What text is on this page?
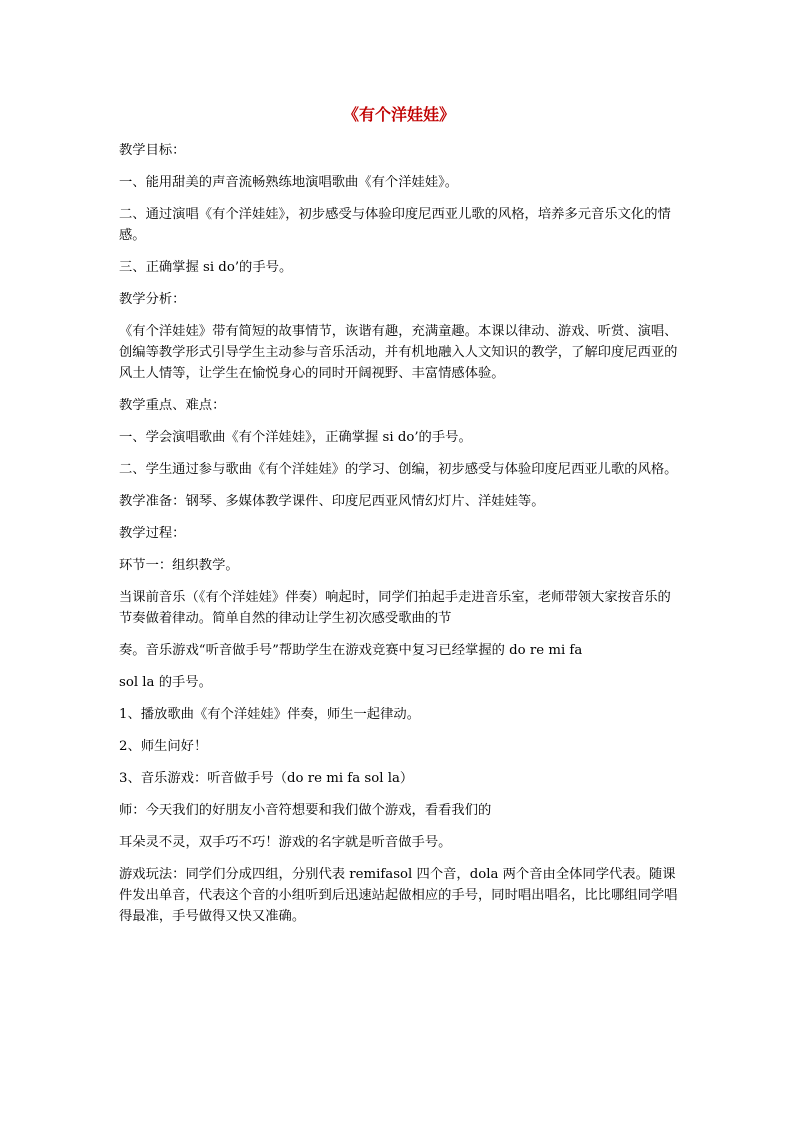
《有个洋娃娃》
教学目标：
一、能用甜美的声音流畅熟练地演唱歌曲《有个洋娃娃》。
二、通过演唱《有个洋娃娃》，初步感受与体验印度尼西亚儿歌的风格，培养多元音乐文化的情感。
三、正确掌握 si do’的手号。
教学分析：
《有个洋娃娃》带有简短的故事情节，诙谐有趣，充满童趣。本课以律动、游戏、听赏、演唱、创编等教学形式引导学生主动参与音乐活动，并有机地融入人文知识的教学，了解印度尼西亚的风土人情等，让学生在愉悦身心的同时开阔视野、丰富情感体验。
教学重点、难点：
一、学会演唱歌曲《有个洋娃娃》，正确掌握 si do’的手号。
二、学生通过参与歌曲《有个洋娃娃》的学习、创编，初步感受与体验印度尼西亚儿歌的风格。
教学准备：钢琴、多媒体教学课件、印度尼西亚风情幻灯片、洋娃娃等。
教学过程：
环节一：组织教学。
当课前音乐（《有个洋娃娃》伴奏）响起时，同学们拍起手走进音乐室，老师带领大家按音乐的节奏做着律动。简单自然的律动让学生初次感受歌曲的节
奏。音乐游戏“听音做手号”帮助学生在游戏竞赛中复习已经掌握的 do re mi fa
sol la 的手号。
1、播放歌曲《有个洋娃娃》伴奏，师生一起律动。
2、师生问好！
3、音乐游戏：听音做手号（do re mi fa sol la）
师：今天我们的好朋友小音符想要和我们做个游戏，看看我们的
耳朵灵不灵，双手巧不巧！游戏的名字就是听音做手号。
游戏玩法：同学们分成四组，分别代表 remifasol 四个音，dola 两个音由全体同学代表。随课件发出单音，代表这个音的小组听到后迅速站起做相应的手号，同时唱出唱名，比比哪组同学唱得最准，手号做得又快又准确。
